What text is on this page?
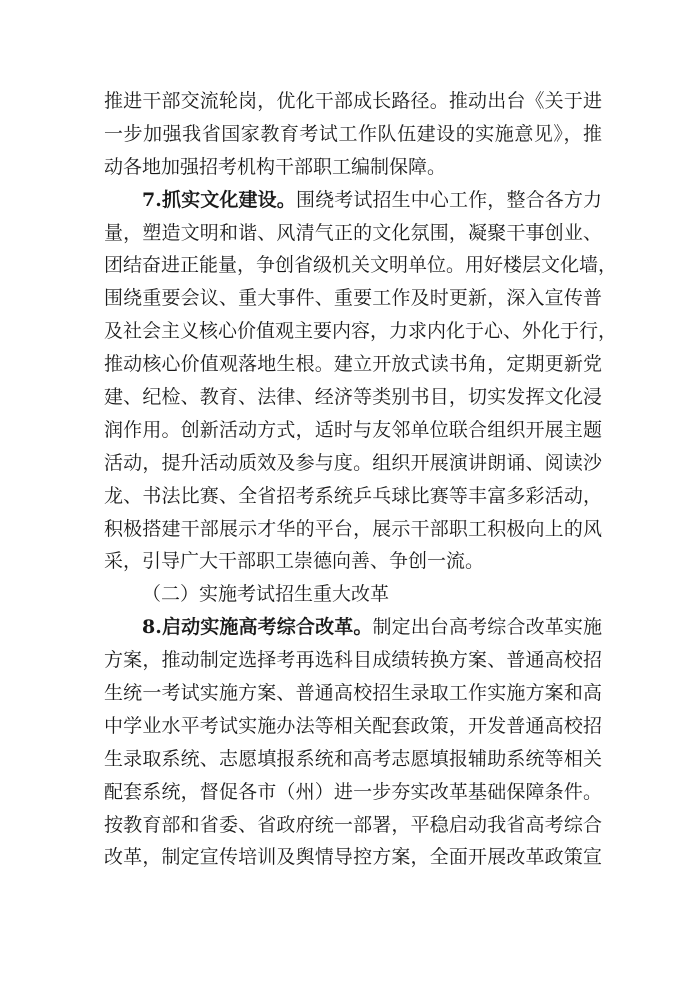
推进干部交流轮岗，优化干部成长路径。推动出台《关于进
一步加强我省国家教育考试工作队伍建设的实施意见》，推
动各地加强招考机构干部职工编制保障。
7.抓实文化建设。围绕考试招生中心工作，整合各方力
量，塑造文明和谐、风清气正的文化氛围，凝聚干事创业、
团结奋进正能量，争创省级机关文明单位。用好楼层文化墙，
围绕重要会议、重大事件、重要工作及时更新，深入宣传普
及社会主义核心价值观主要内容，力求内化于心、外化于行，
推动核心价值观落地生根。建立开放式读书角，定期更新党
建、纪检、教育、法律、经济等类别书目，切实发挥文化浸
润作用。创新活动方式，适时与友邻单位联合组织开展主题
活动，提升活动质效及参与度。组织开展演讲朗诵、阅读沙
龙、书法比赛、全省招考系统乒乓球比赛等丰富多彩活动，
积极搭建干部展示才华的平台，展示干部职工积极向上的风
采，引导广大干部职工崇德向善、争创一流。
（二）实施考试招生重大改革
8.启动实施高考综合改革。制定出台高考综合改革实施
方案，推动制定选择考再选科目成绩转换方案、普通高校招
生统一考试实施方案、普通高校招生录取工作实施方案和高
中学业水平考试实施办法等相关配套政策，开发普通高校招
生录取系统、志愿填报系统和高考志愿填报辅助系统等相关
配套系统，督促各市（州）进一步夯实改革基础保障条件。
按教育部和省委、省政府统一部署，平稳启动我省高考综合
改革，制定宣传培训及舆情导控方案，全面开展改革政策宣
